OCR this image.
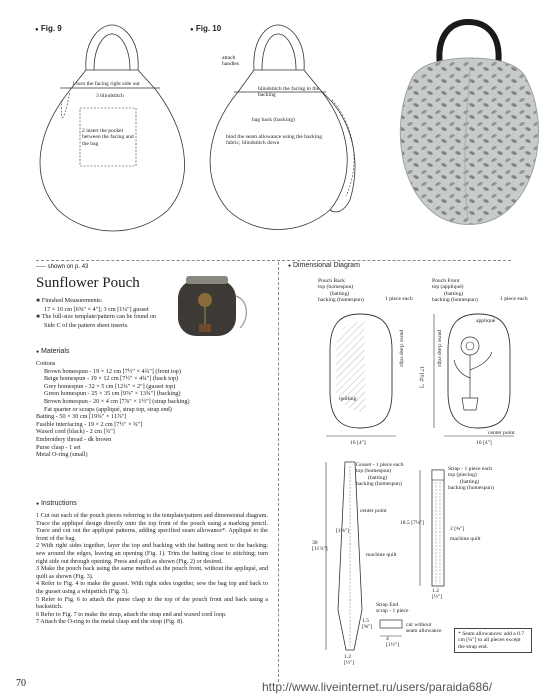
● Fig. 9	● Fig. 10
1 turn the facing right side out
3 blindstitch
2 insert the pocket between the facing and the bag
attach handles
blindstitch the facing to the backing
bag back (backing)
bind the seam allowance using the backing fabric; blindstitch down
----- shown on p. 43
Sunflower Pouch
✱ Finished Measurements:
17 × 10 cm [6⅝" × 4"]; 3 cm [1¼"] gusset
✱ The full-size template/pattern can be found on
Side C of the pattern sheet inserts.
● Materials
Cottons
Brown homespun - 19 × 12 cm [7½" × 4¾"] (front top)
Beige homespun - 19 × 12 cm [7½" × 4¾"] (back top)
Grey homespun - 32 × 5 cm [12¾" × 2"] (gusset top)
Green homespun - 25 × 35 cm [9⅞" × 13¾"] (backing)
Brown homespun - 20 × 4 cm [7⅞" × 1½"] (strap backing)
Fat quarter or scraps (appliqué, strap top, strap end)
Batting - 50 × 30 cm [19¾" × 11⅞"]
Fusible interfacing - 19 × 2 cm [7½" × ¾"]
Waxed cord (black) - 2 cm [¾"]
Embroidery thread - dk brown
Purse clasp - 1 set
Metal O-ring (small)
● Instructions
1 Cut out each of the pouch pieces referring to the template/pattern and dimensional diagram. Trace the appliqué design directly onto the top front of the pouch using a marking pencil. Trace and cut out the appliqué patterns, adding specified seam allowance*. Appliqué to the front of the bag.
2 With right sides together, layer the top and backing with the batting next to the backing; sew around the edges, leaving an opening (Fig. 1). Trim the batting close to stitching; turn right side out through opening. Press and quilt as shown (Fig. 2) or desired.
3 Make the pouch back using the same method as the pouch front, without the appliqué, and quilt as shown (Fig. 3).
4 Refer to Fig. 4 to make the gusset. With right sides together, sew the bag top and back to the gusset using a whipstitch (Fig. 5).
5 Refer to Fig. 6 to attach the purse clasp to the top of the pouch front and back using a backstitch.
6 Refer to Fig. 7 to make the strap, attach the strap end and waxed cord loop.
7 Attach the O-ring to the metal clasp and the strap (Fig. 8).
● Dimensional Diagram
Pouch Back
top (homespun)
(batting)
backing (homespun)	1 piece each
Pouch Front
top (appliqué)
(batting)
backing (homespun)	1 piece each
quilting
purse clasp edge
10 [4"]
appliqué
purse clasp edge
17 [6⅝"]
center point
10 [4"]
Gusset - 1 piece each
top (homespun)
(batting)
backing (homespun)
center point
machine quilt
[1⅛"]
30
[11⅞"]
1.2
[½"]
Strap - 1 piece each
top (piecing)
(batting)
backing (homespun)
18.5 [7¼"]
2 [¾"]
machine quilt
1.2
[½"]
Strap End
scrap - 1 piece
1.5
[⅝"]
4
[1½"]
cut without seam allowance	* Seam allowances: add a 0.7 cm [¼"] to all pieces except the strap end.
70	http://www.liveinternet.ru/users/paraida686/
